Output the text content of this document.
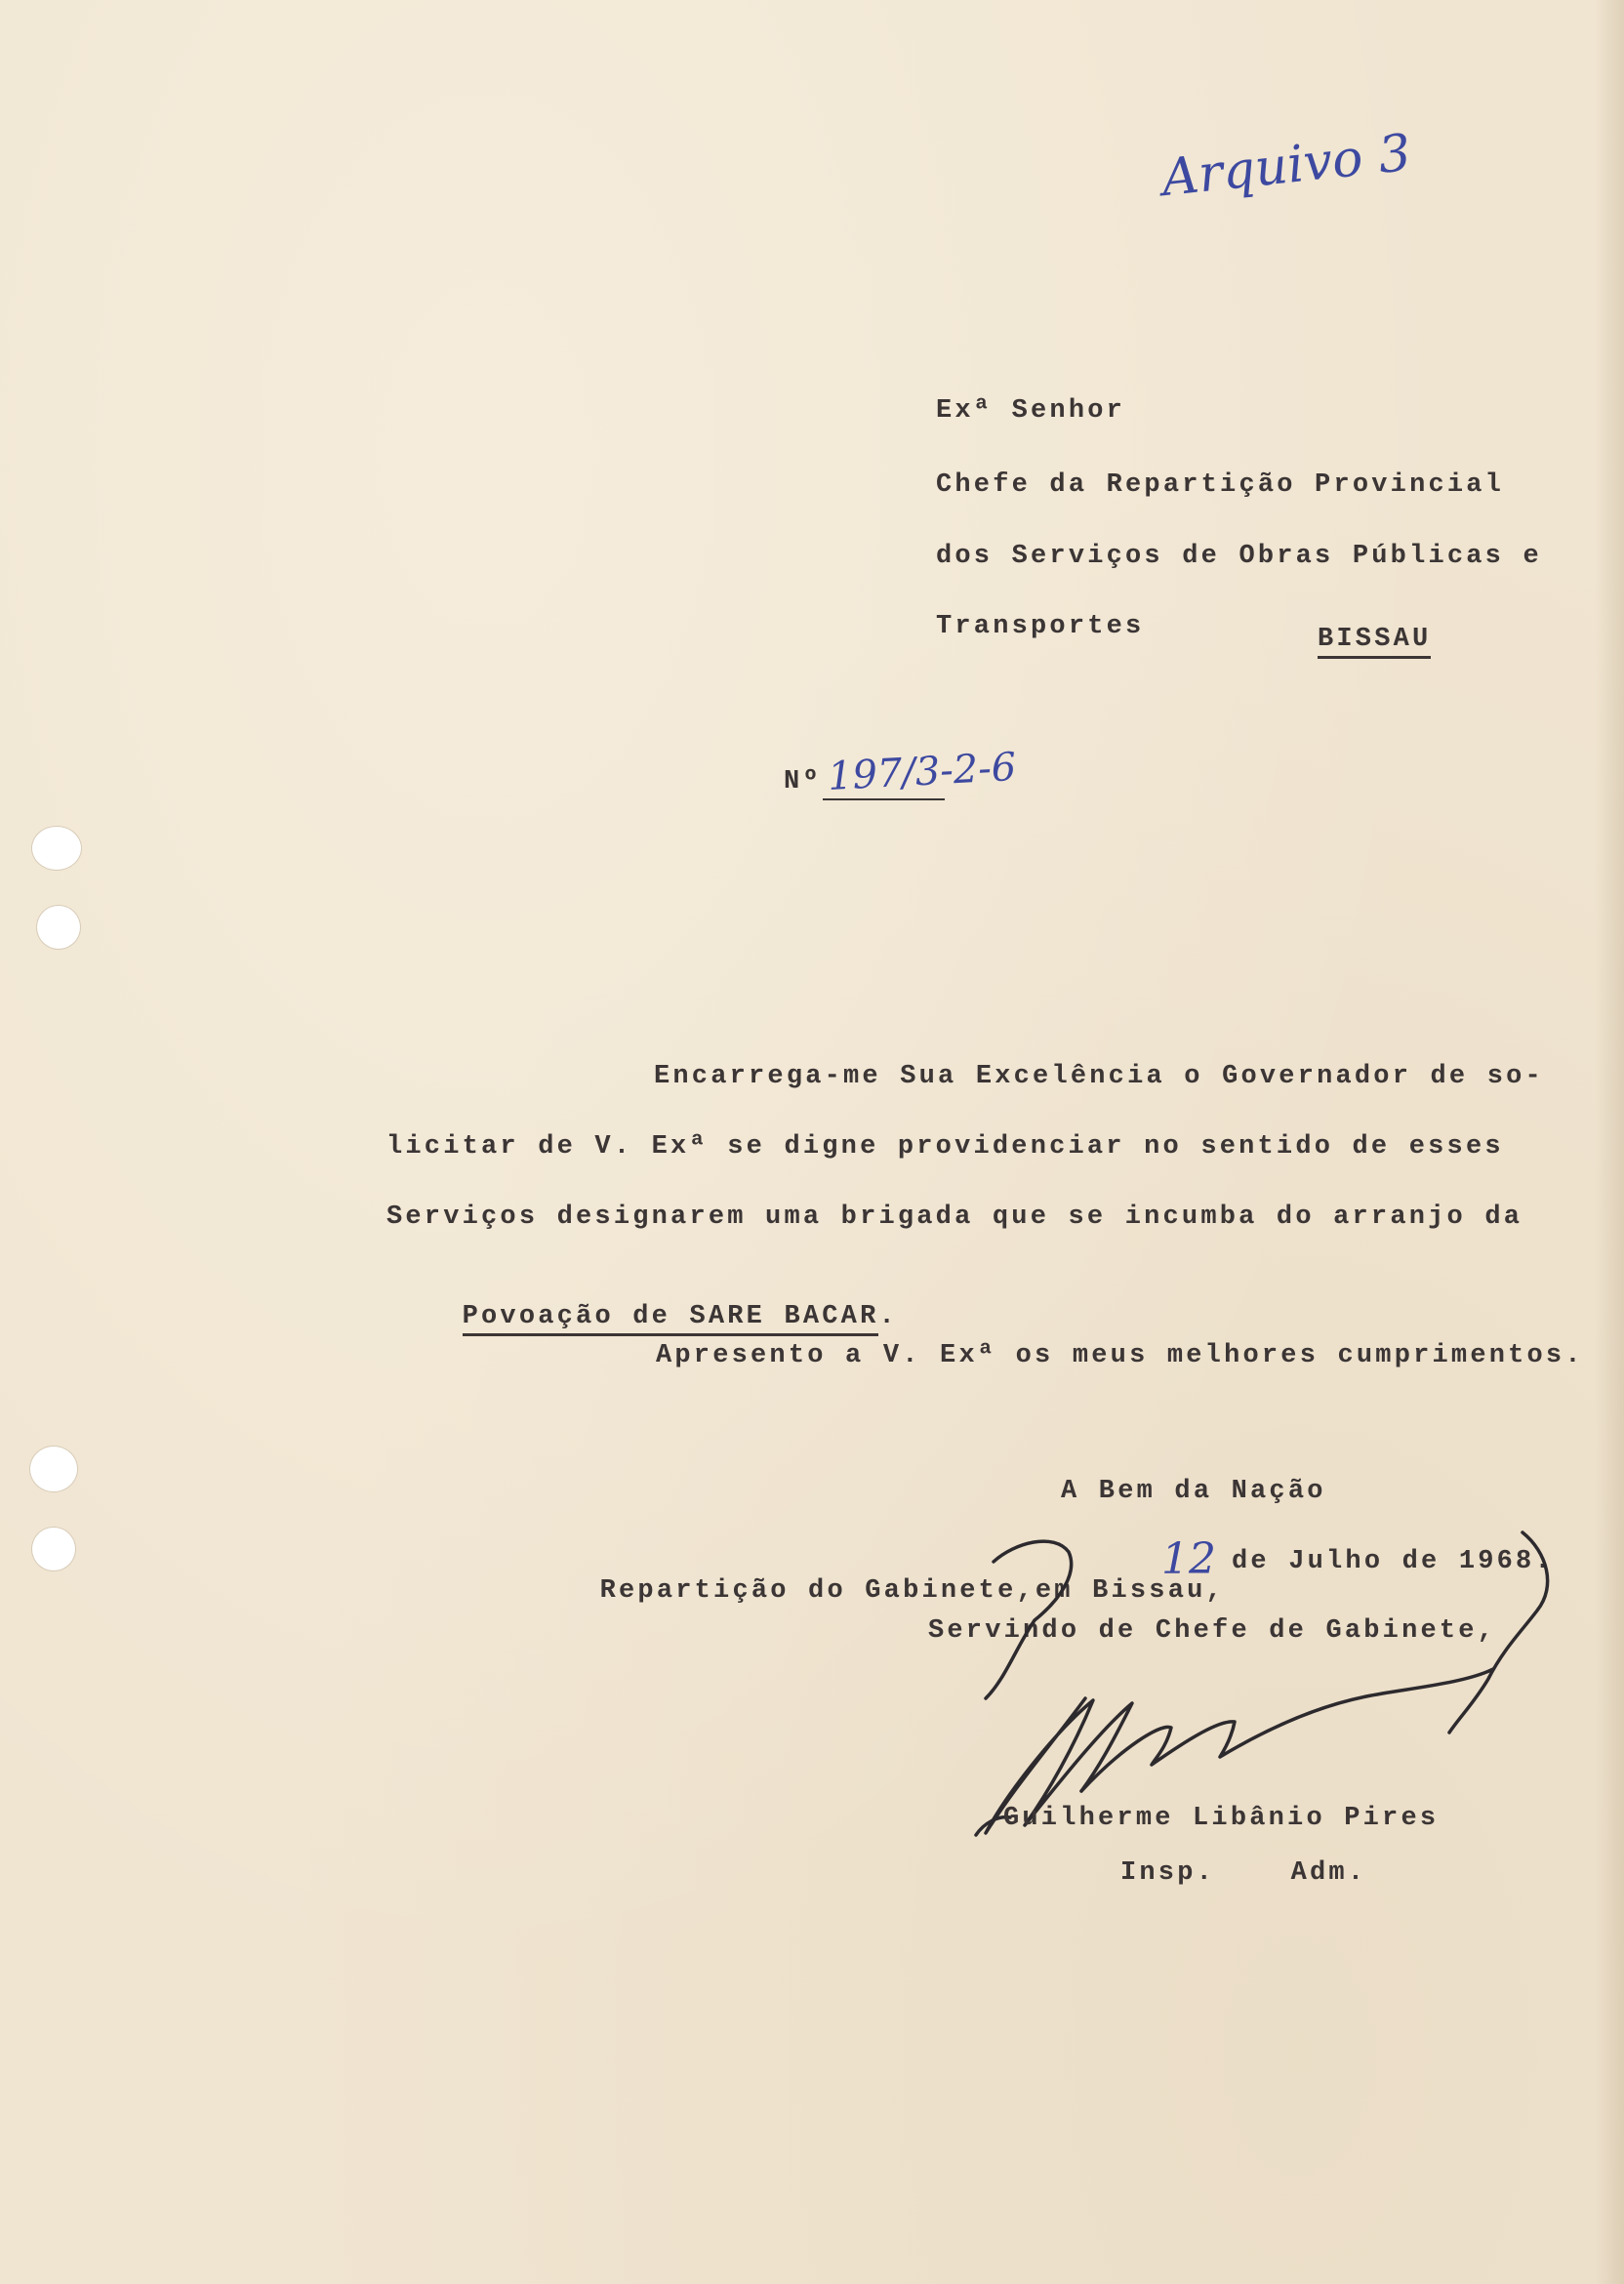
Arquivo 3
Exª Senhor
Chefe da Repartição Provincial
dos Serviços de Obras Públicas e
Transportes	BISSAU
Nº 197/3-2-6
Encarrega-me Sua Excelência o Governador de so-
licitar de V. Exª se digne providenciar no sentido de esses
Serviços designarem uma brigada que se incumba do arranjo da

Povoação de SARE BACAR.

Apresento a V. Exª os meus melhores cumprimentos.
A Bem da Nação

Repartição do Gabinete,em Bissau,

12 de Julho de 1968.
Servindo de Chefe de Gabinete,
Guilherme Libânio Pires
Insp.    Adm.
